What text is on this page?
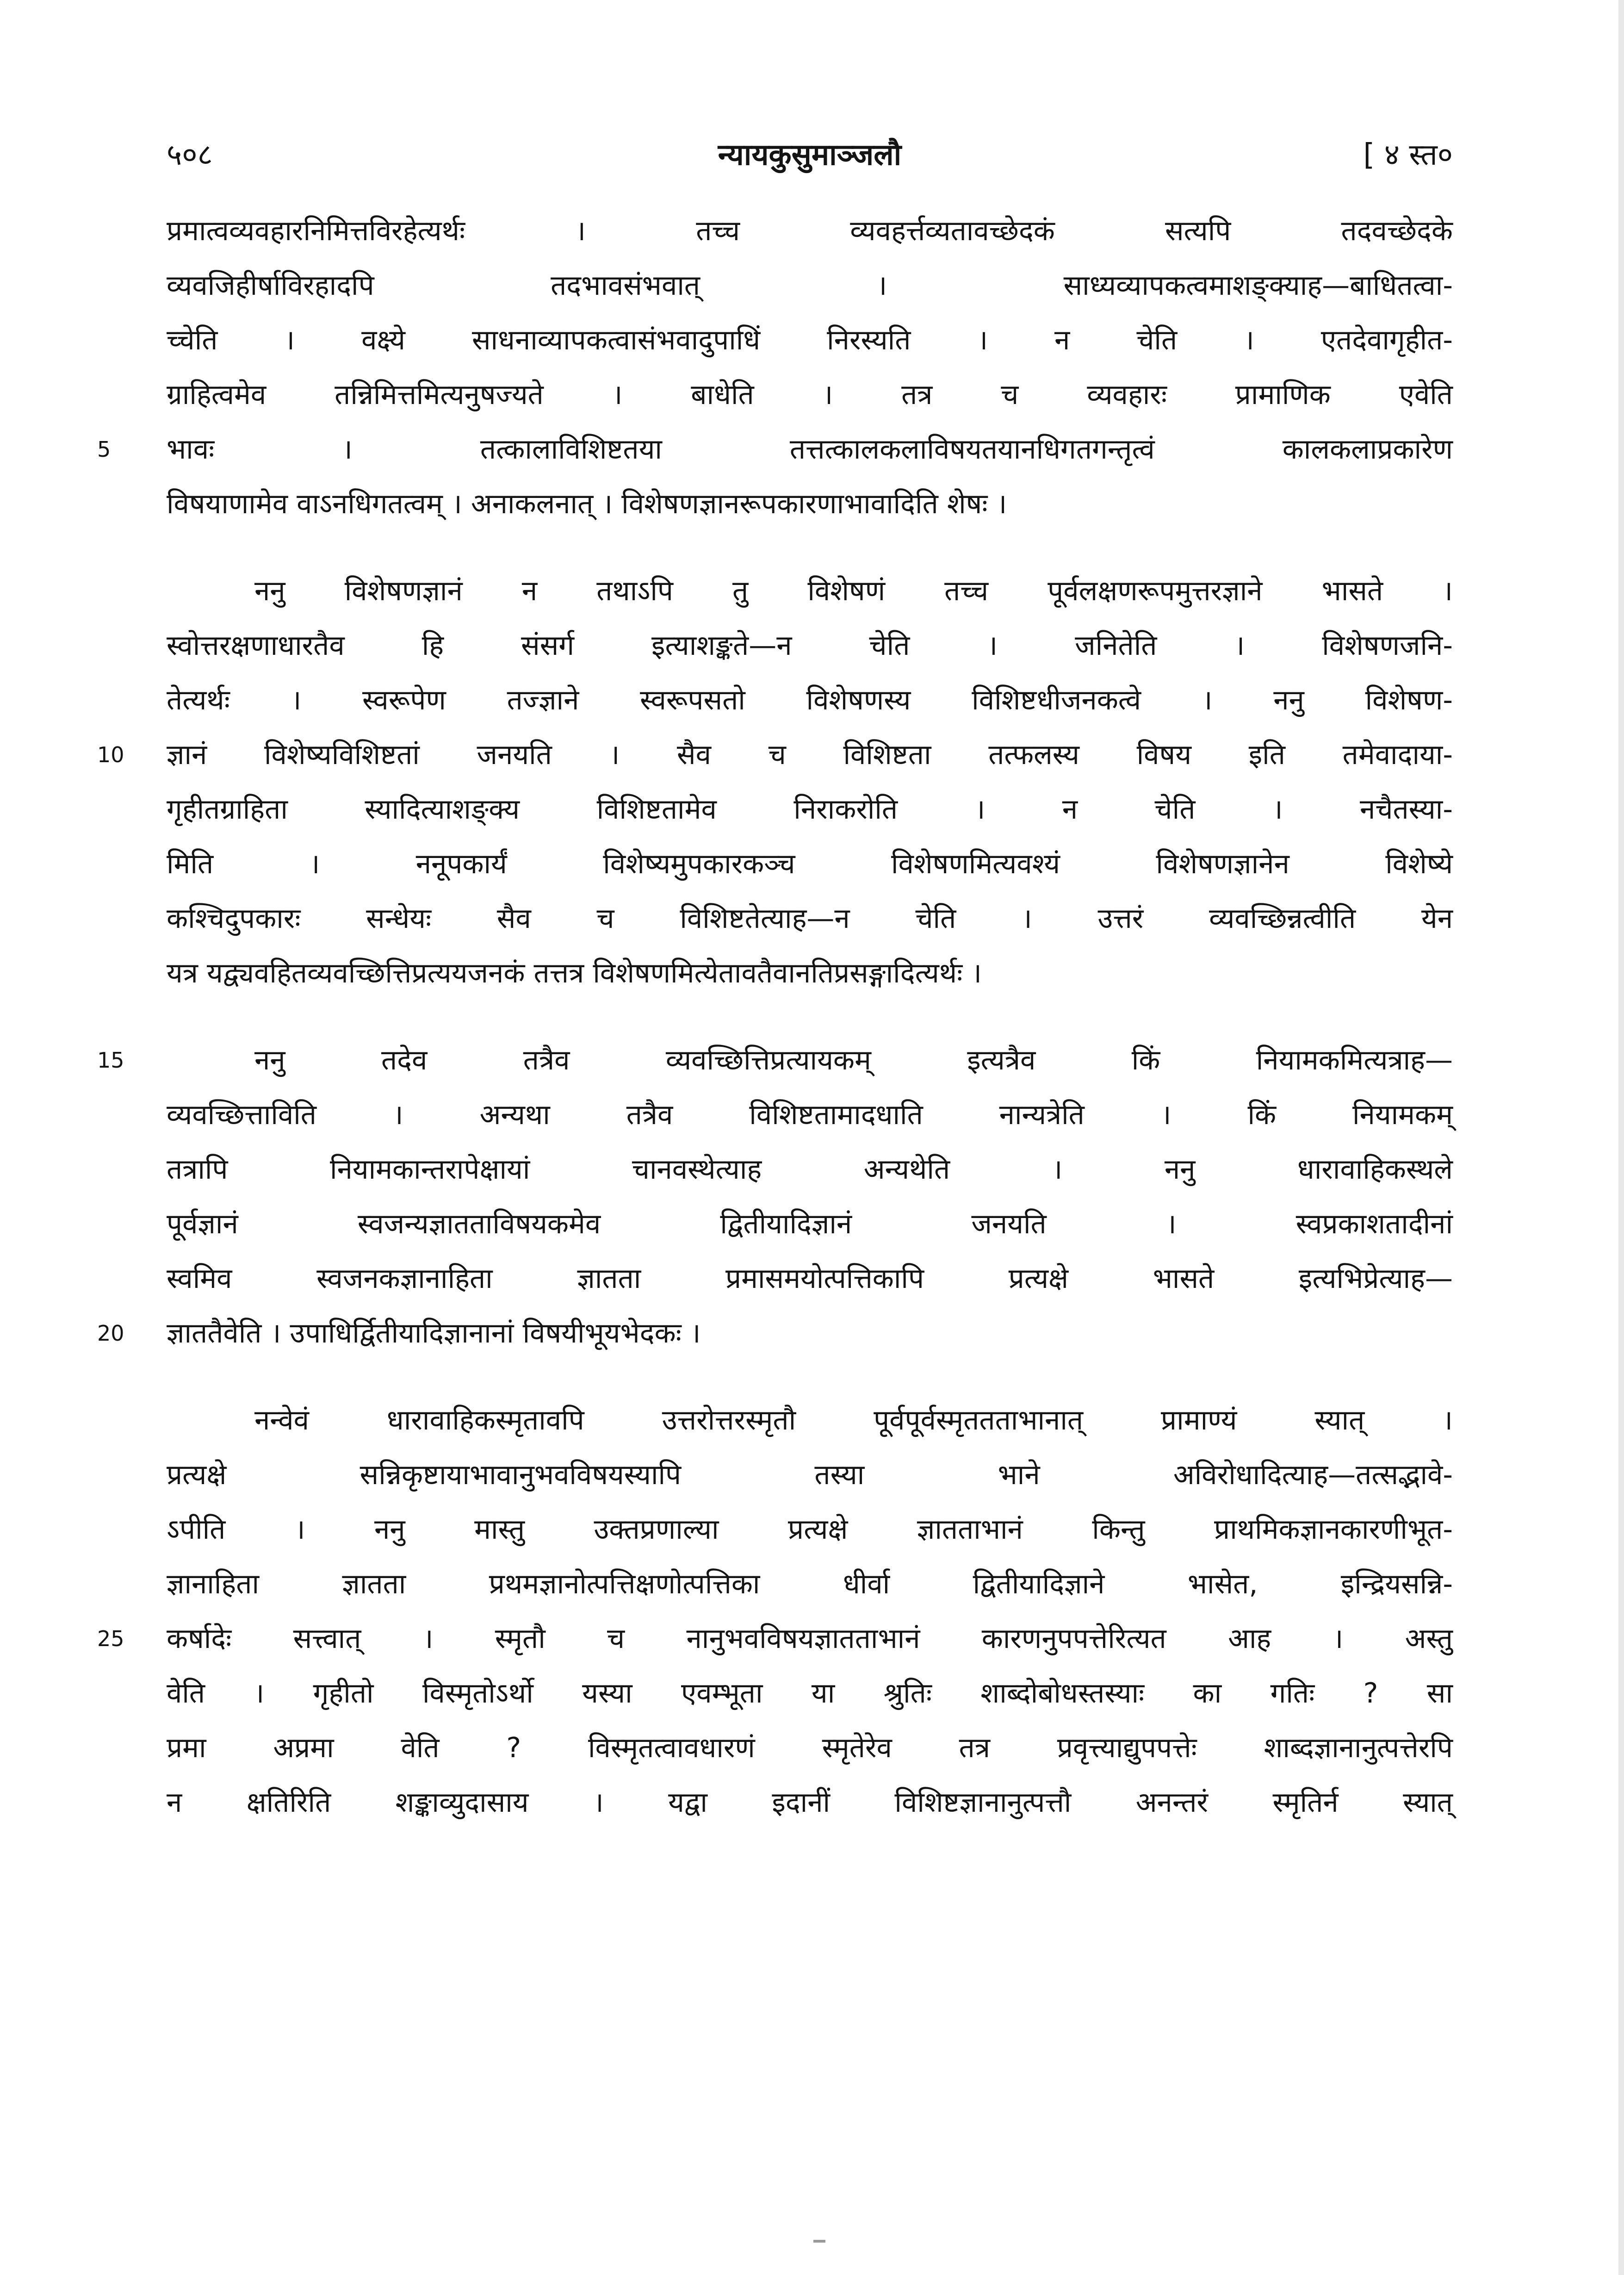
५०८	न्यायकुसुमाञ्जलौ	[ ४ स्त०
प्रमात्वव्यवहारनिमित्तविरहेत्यर्थः । तच्च व्यवहर्त्तव्यतावच्छेदकं सत्यपि तदवच्छेदके
व्यवजिहीर्षाविरहादपि तदभावसंभवात् । साध्यव्यापकत्वमाशङ्क्याह—बाधितत्वा-
च्चेति । वक्ष्ये साधनाव्यापकत्वासंभवादुपाधिं निरस्यति । न चेति । एतदेवागृहीत-
ग्राहित्वमेव तन्निमित्तमित्यनुषज्यते । बाधेति । तत्र च व्यवहारः प्रामाणिक एवेति
5	भावः । तत्कालाविशिष्टतया तत्तत्कालकलाविषयतयानधिगतगन्तृत्वं कालकलाप्रकारेण
विषयाणामेव वाऽनधिगतत्वम् । अनाकलनात् । विशेषणज्ञानरूपकारणाभावादिति शेषः ।
ननु विशेषणज्ञानं न तथाऽपि तु विशेषणं तच्च पूर्वलक्षणरूपमुत्तरज्ञाने भासते ।
स्वोत्तरक्षणाधारतैव हि संसर्ग इत्याशङ्कते—न चेति । जनितेति । विशेषणजनि-
तेत्यर्थः । स्वरूपेण तज्ज्ञाने स्वरूपसतो विशेषणस्य विशिष्टधीजनकत्वे । ननु विशेषण-
10	ज्ञानं विशेष्यविशिष्टतां जनयति । सैव च विशिष्टता तत्फलस्य विषय इति तमेवादाया-
गृहीतग्राहिता स्यादित्याशङ्क्य विशिष्टतामेव निराकरोति । न चेति । नचैतस्या-
मिति । ननूपकार्यं विशेष्यमुपकारकञ्च विशेषणमित्यवश्यं विशेषणज्ञानेन विशेष्ये
कश्चिदुपकारः सन्धेयः सैव च विशिष्टतेत्याह—न चेति । उत्तरं व्यवच्छिन्नत्वीति येन
यत्र यद्व्यवहितव्यवच्छित्तिप्रत्ययजनकं तत्तत्र विशेषणमित्येतावतैवानतिप्रसङ्गादित्यर्थः ।
15	ननु तदेव तत्रैव व्यवच्छित्तिप्रत्यायकम् इत्यत्रैव किं नियामकमित्यत्राह—
व्यवच्छित्ताविति । अन्यथा तत्रैव विशिष्टतामादधाति नान्यत्रेति । किं नियामकम्
तत्रापि नियामकान्तरापेक्षायां चानवस्थेत्याह अन्यथेति । ननु धारावाहिकस्थले
पूर्वज्ञानं स्वजन्यज्ञातताविषयकमेव द्वितीयादिज्ञानं जनयति । स्वप्रकाशतादीनां
स्वमिव स्वजनकज्ञानाहिता ज्ञातता प्रमासमयोत्पत्तिकापि प्रत्यक्षे भासते इत्यभिप्रेत्याह—
20	ज्ञाततैवेति । उपाधिर्द्वितीयादिज्ञानानां विषयीभूयभेदकः ।
नन्वेवं धारावाहिकस्मृतावपि उत्तरोत्तरस्मृतौ पूर्वपूर्वस्मृततताभानात् प्रामाण्यं स्यात् ।
प्रत्यक्षे सन्निकृष्टायाभावानुभवविषयस्यापि तस्या भाने अविरोधादित्याह—तत्सद्भावे-
ऽपीति । ननु मास्तु उक्तप्रणाल्या प्रत्यक्षे ज्ञातताभानं किन्तु प्राथमिकज्ञानकारणीभूत-
ज्ञानाहिता ज्ञातता प्रथमज्ञानोत्पत्तिक्षणोत्पत्तिका धीर्वा द्वितीयादिज्ञाने भासेत, इन्द्रियसन्नि-
25	कर्षादेः सत्त्वात् । स्मृतौ च नानुभवविषयज्ञातताभानं कारणनुपपत्तेरित्यत आह । अस्तु
वेति । गृहीतो विस्मृतोऽर्थो यस्या एवम्भूता या श्रुतिः शाब्दोबोधस्तस्याः का गतिः ? सा
प्रमा अप्रमा वेति ? विस्मृतत्वावधारणं स्मृतेरेव तत्र प्रवृत्त्याद्युपपत्तेः शाब्दज्ञानानुत्पत्तेरपि
न क्षतिरिति शङ्काव्युदासाय । यद्वा इदानीं विशिष्टज्ञानानुत्पत्तौ अनन्तरं स्मृतिर्न स्यात्
